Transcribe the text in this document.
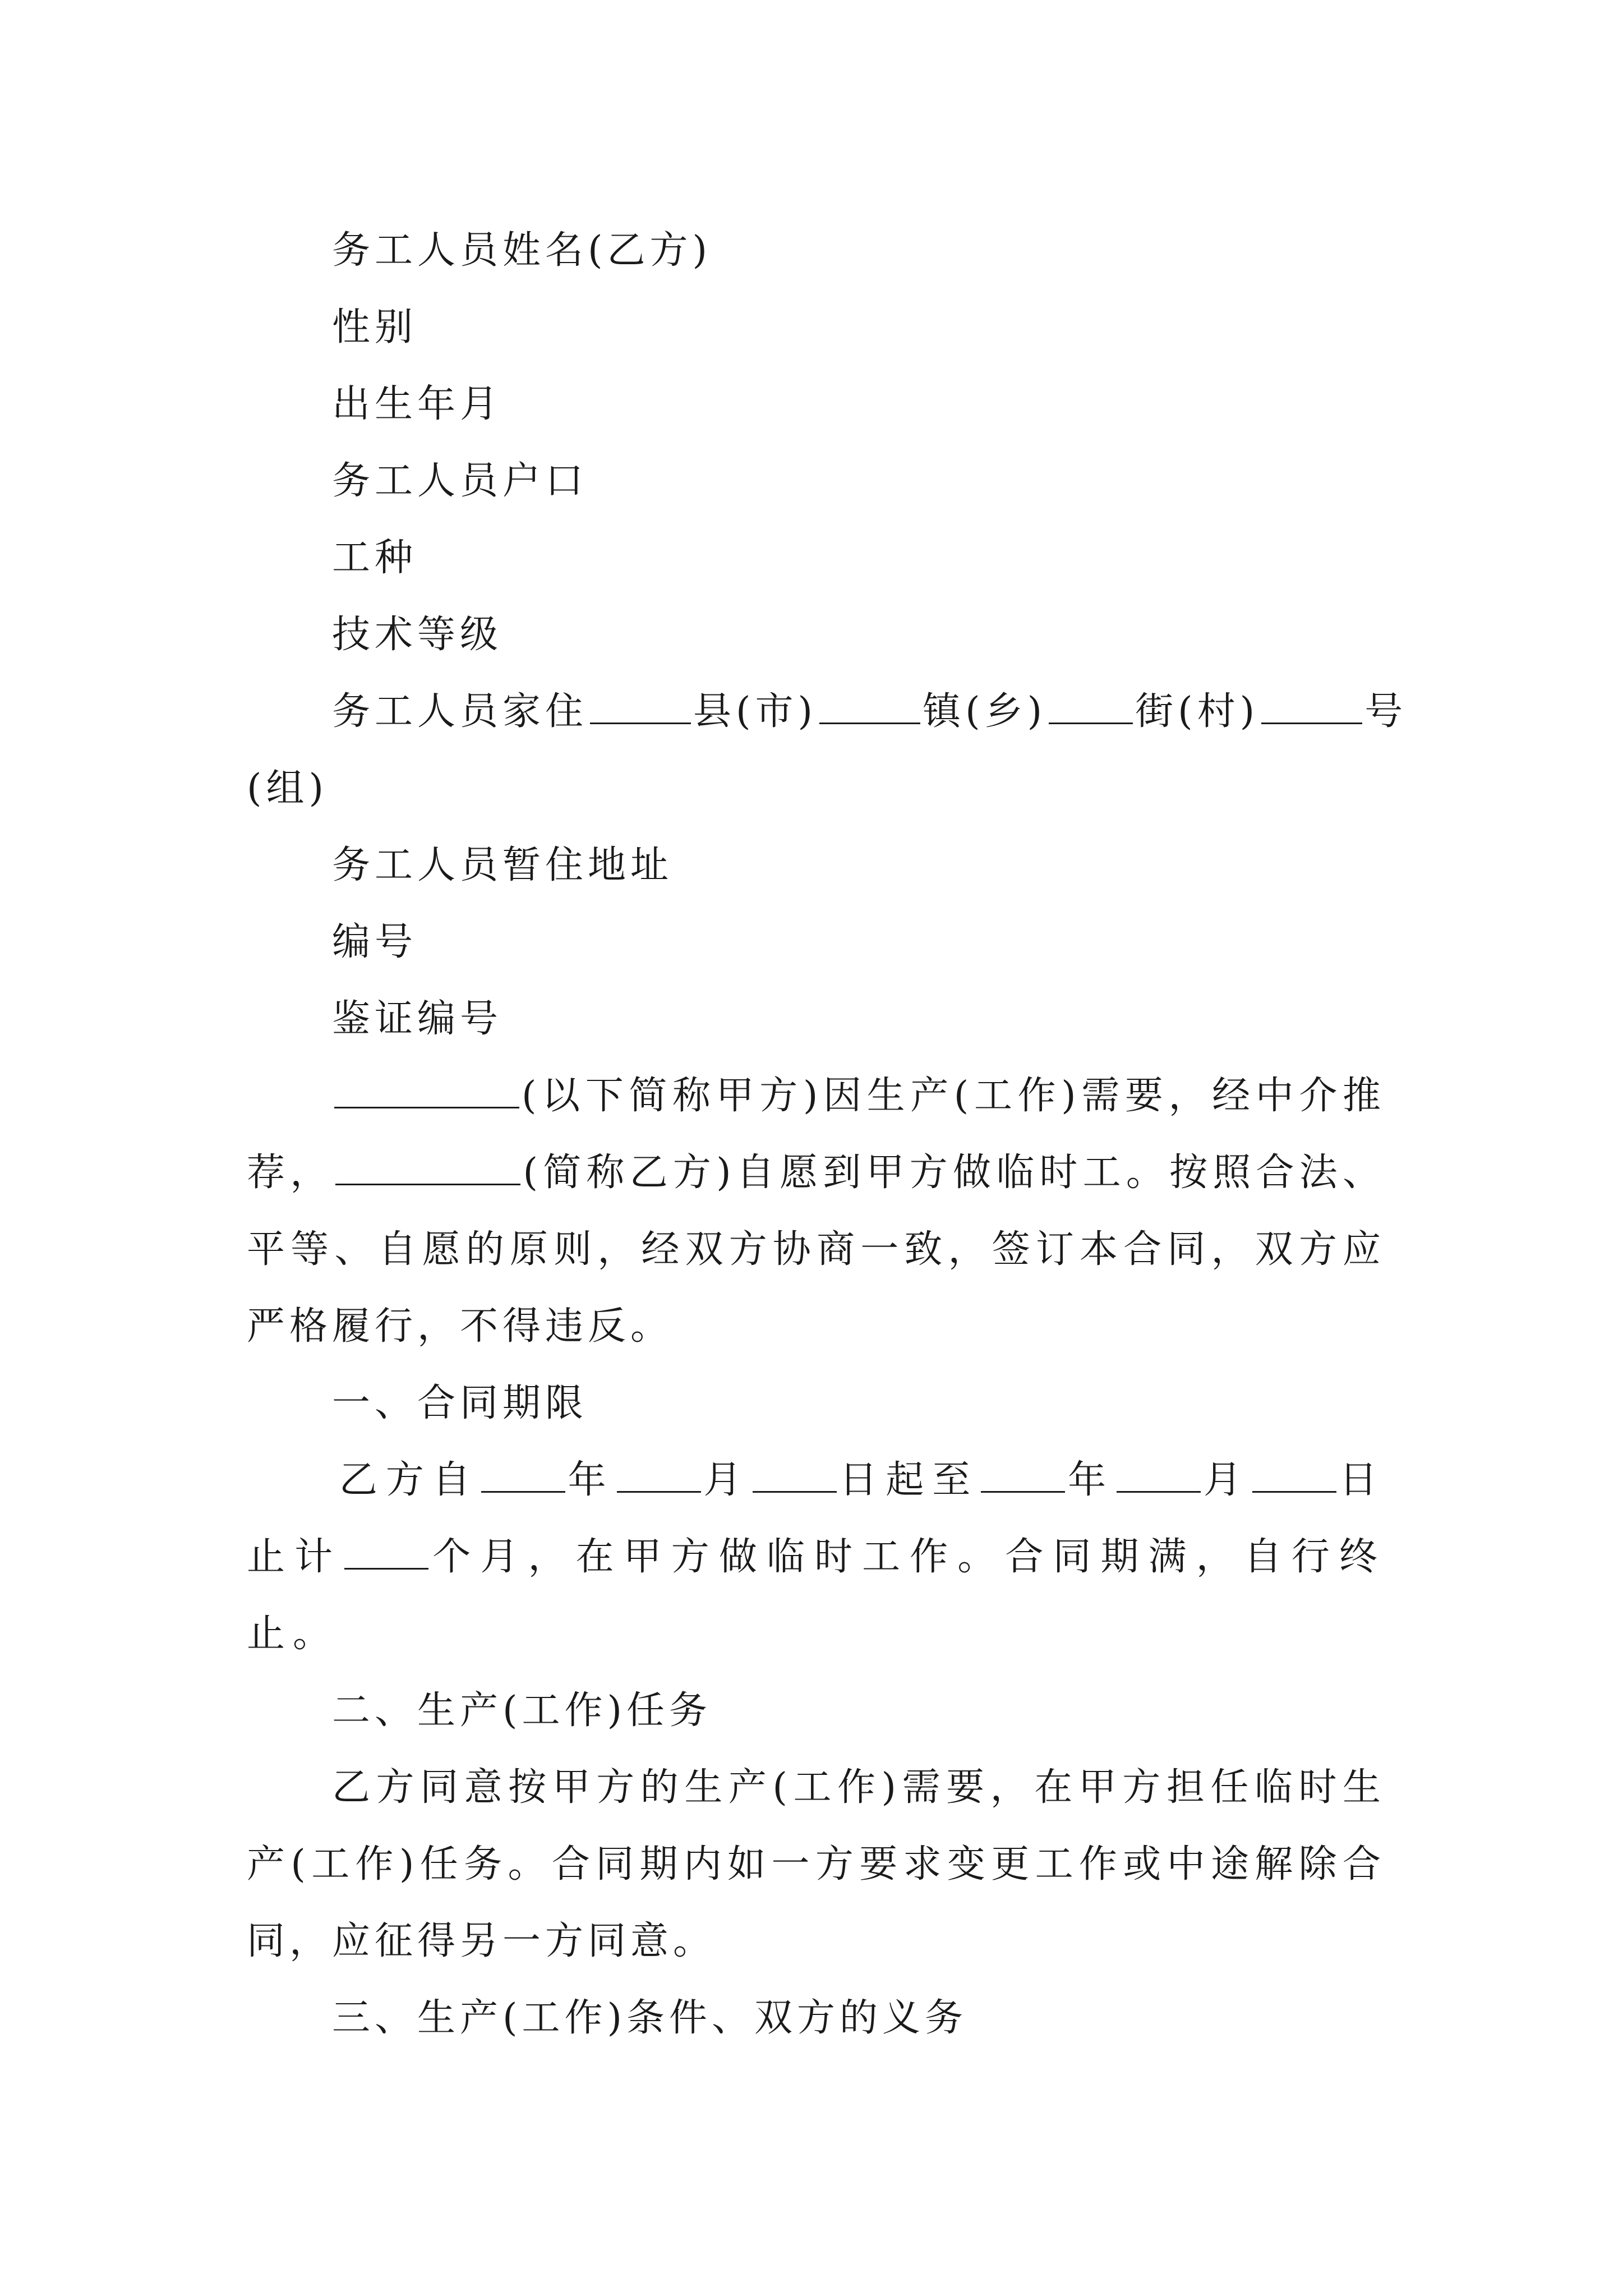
务工人员姓名(乙方)

性别

出生年月

务工人员户口

工种

技术等级

务工人员家住	县(市)	镇(乡) 街(村)	号

(组)

务工人员暂住地址

编号

鉴证编号

(以下简称甲方)因生产(工作)需要，经中介推荐，	(简称乙方)自愿到甲方做临时工。按照合法、平等、自愿的原则，经双方协商一致，签订本合同，双方应严格履行，不得违反。

一、合同期限

乙方自 年 月 日起至 年 月 日止计 个月，在甲方做临时工作。合同期满，自行终止。

二、生产(工作)任务

乙方同意按甲方的生产(工作)需要，在甲方担任临时生产(工作)任务。合同期内如一方要求变更工作或中途解除合同，应征得另一方同意。

三、生产(工作)条件、双方的义务
